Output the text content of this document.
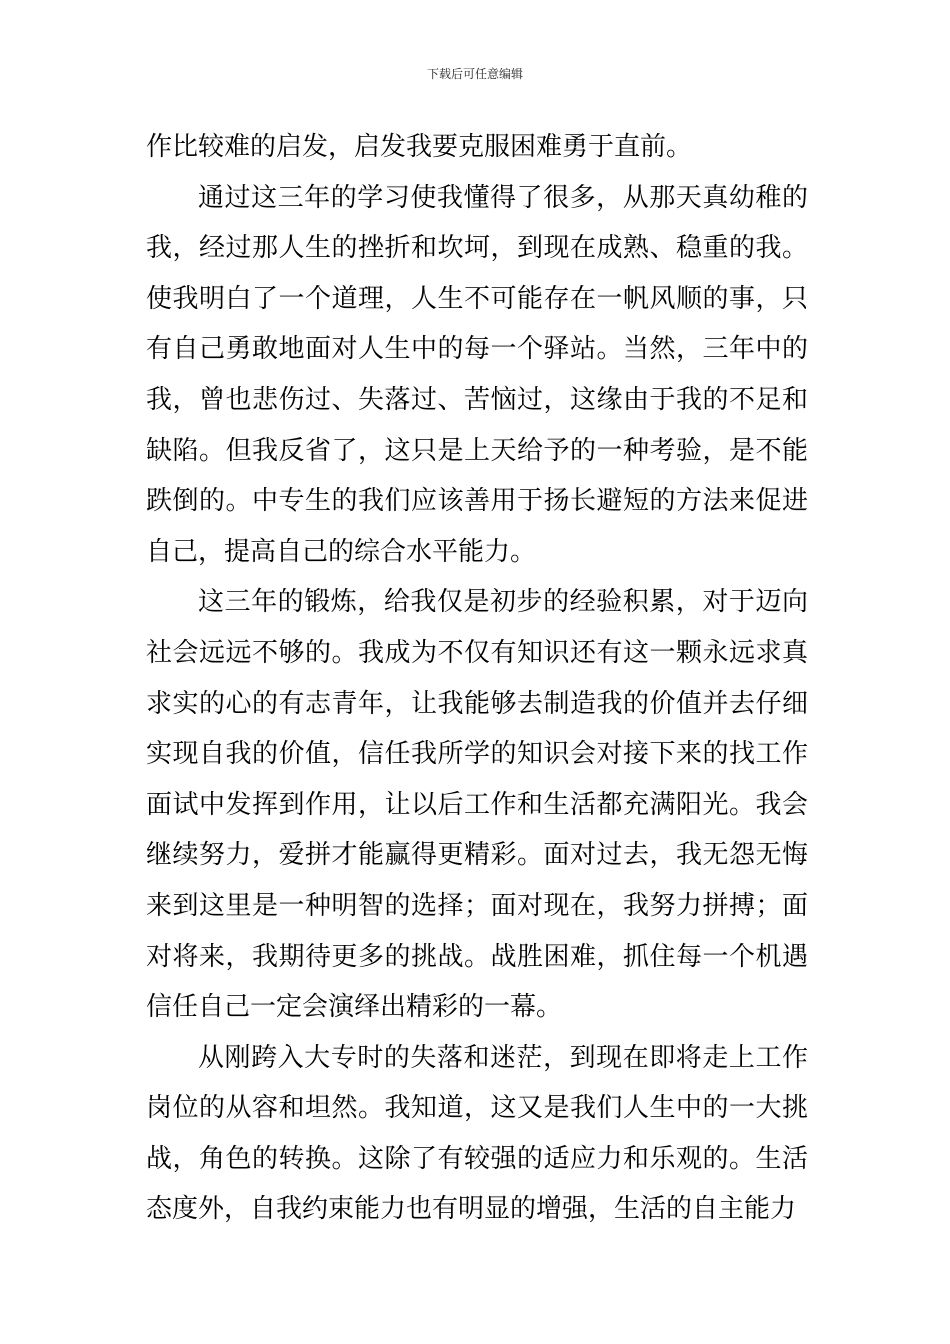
下载后可任意编辑

作比较难的启发，启发我要克服困难勇于直前。

通过这三年的学习使我懂得了很多，从那天真幼稚的我，经过那人生的挫折和坎坷，到现在成熟、稳重的我。使我明白了一个道理，人生不可能存在一帆风顺的事，只有自己勇敢地面对人生中的每一个驿站。当然，三年中的我，曾也悲伤过、失落过、苦恼过，这缘由于我的不足和缺陷。但我反省了，这只是上天给予的一种考验，是不能跌倒的。中专生的我们应该善用于扬长避短的方法来促进自己，提高自己的综合水平能力。

这三年的锻炼，给我仅是初步的经验积累，对于迈向社会远远不够的。我成为不仅有知识还有这一颗永远求真求实的心的有志青年，让我能够去制造我的价值并去仔细实现自我的价值，信任我所学的知识会对接下来的找工作面试中发挥到作用，让以后工作和生活都充满阳光。我会继续努力，爱拼才能赢得更精彩。面对过去，我无怨无悔来到这里是一种明智的选择；面对现在，我努力拼搏；面对将来，我期待更多的挑战。战胜困难，抓住每一个机遇信任自己一定会演绎出精彩的一幕。

从刚跨入大专时的失落和迷茫，到现在即将走上工作岗位的从容和坦然。我知道，这又是我们人生中的一大挑战，角色的转换。这除了有较强的适应力和乐观的。生活态度外，自我约束能力也有明显的增强，生活的自主能力
